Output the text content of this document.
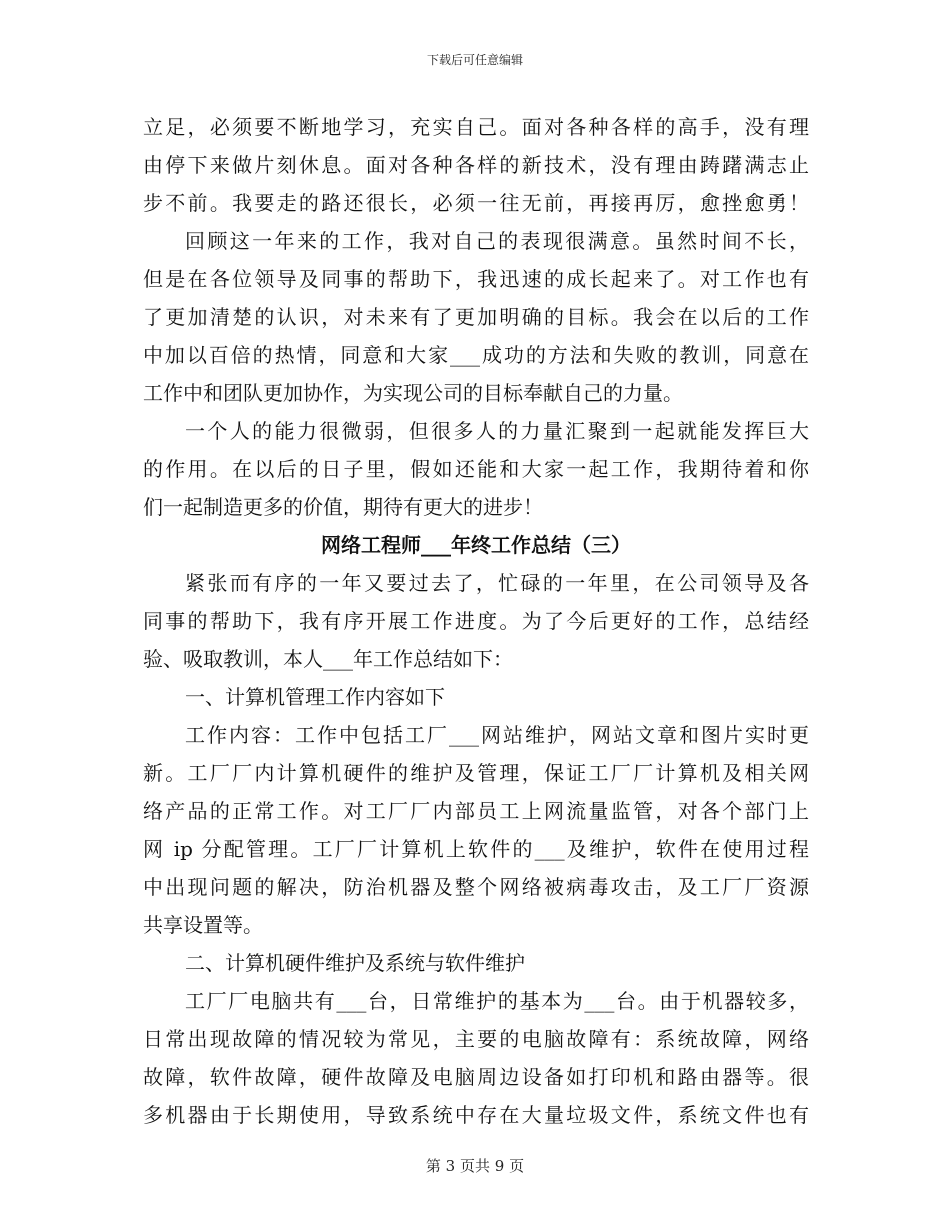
下载后可任意编辑
立足，必须要不断地学习，充实自己。面对各种各样的高手，没有理
由停下来做片刻休息。面对各种各样的新技术，没有理由踌躇满志止
步不前。我要走的路还很长，必须一往无前，再接再厉，愈挫愈勇！
回顾这一年来的工作，我对自己的表现很满意。虽然时间不长，
但是在各位领导及同事的帮助下，我迅速的成长起来了。对工作也有
了更加清楚的认识，对未来有了更加明确的目标。我会在以后的工作
中加以百倍的热情，同意和大家___成功的方法和失败的教训，同意在
工作中和团队更加协作，为实现公司的目标奉献自己的力量。
一个人的能力很微弱，但很多人的力量汇聚到一起就能发挥巨大
的作用。在以后的日子里，假如还能和大家一起工作，我期待着和你
们一起制造更多的价值，期待有更大的进步！
网络工程师___年终工作总结（三）
紧张而有序的一年又要过去了，忙碌的一年里，在公司领导及各
同事的帮助下，我有序开展工作进度。为了今后更好的工作，总结经
验、吸取教训，本人___年工作总结如下：
一、计算机管理工作内容如下
工作内容：工作中包括工厂___网站维护，网站文章和图片实时更
新。工厂厂内计算机硬件的维护及管理，保证工厂厂计算机及相关网
络产品的正常工作。对工厂厂内部员工上网流量监管，对各个部门上
网 ip 分配管理。工厂厂计算机上软件的___及维护，软件在使用过程
中出现问题的解决，防治机器及整个网络被病毒攻击，及工厂厂资源
共享设置等。
二、计算机硬件维护及系统与软件维护
工厂厂电脑共有___台，日常维护的基本为___台。由于机器较多，
日常出现故障的情况较为常见，主要的电脑故障有：系统故障，网络
故障，软件故障，硬件故障及电脑周边设备如打印机和路由器等。很
多机器由于长期使用，导致系统中存在大量垃圾文件，系统文件也有
第 3 页共 9 页
